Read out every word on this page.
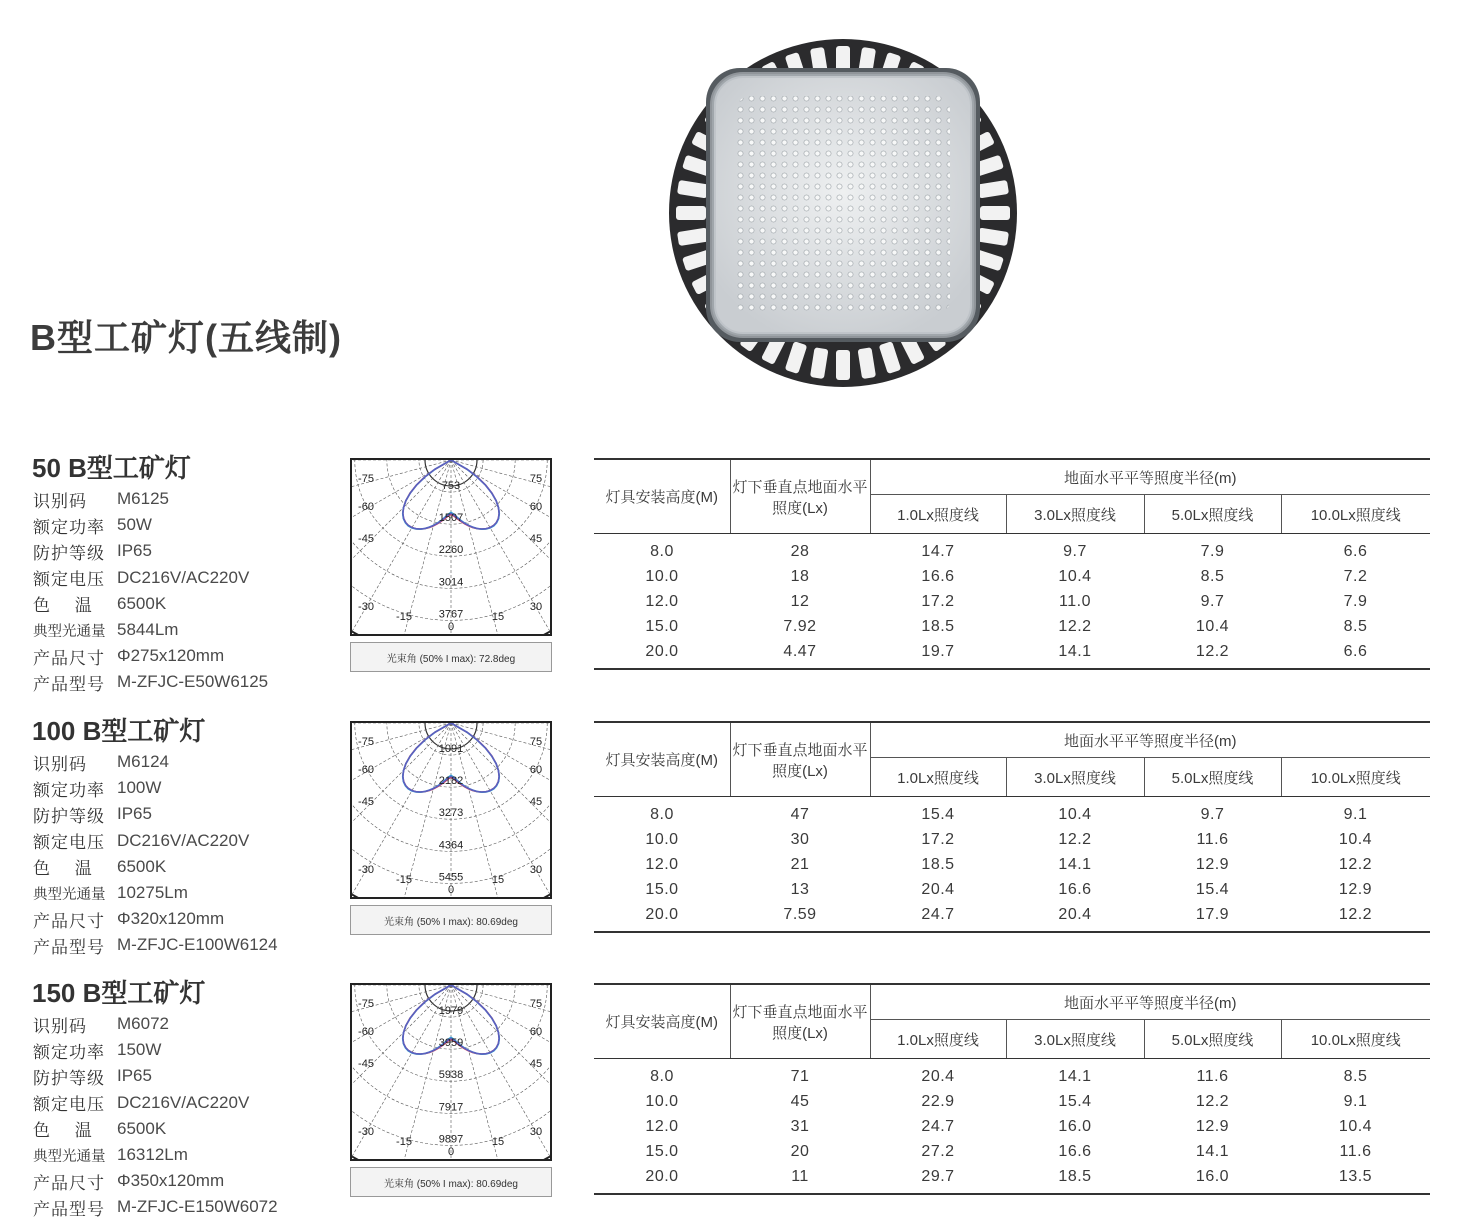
B型工矿灯(五线制)
50 B型工矿灯
识别码	M6125
额定功率 50W
防护等级 IP65
额定电压 DC216V/AC220V
色　 温	6500K
典型光通量 5844Lm
产品尺寸 Φ275x120mm
产品型号 M-ZFJC-E50W6125
753
1507
2260
3014
3767
75
60
45
30
15
0
-15
-30
-45
-60
-75
光束角 (50% I max): 72.8deg
灯具安装高度(M)	灯下垂直点地面水平照度(Lx)	地面水平平等照度半径(m)			
		1.0Lx照度线	3.0Lx照度线	5.0Lx照度线	10.0Lx照度线
8.0	28	14.7	9.7	7.9	6.6
10.0	18	16.6	10.4	8.5	7.2
12.0	12	17.2	11.0	9.7	7.9
15.0	7.92	18.5	12.2	10.4	8.5
20.0	4.47	19.7	14.1	12.2	6.6
100 B型工矿灯
识别码	M6124
额定功率 100W
防护等级 IP65
额定电压 DC216V/AC220V
色　 温	6500K
典型光通量 10275Lm
产品尺寸 Φ320x120mm
产品型号 M-ZFJC-E100W6124
1091
2182
3273
4364
5455
75
60
45
30
15
0
-15
-30
-45
-60
-75
光束角 (50% I max): 80.69deg
灯具安装高度(M)	灯下垂直点地面水平照度(Lx)	地面水平平等照度半径(m)			
		1.0Lx照度线	3.0Lx照度线	5.0Lx照度线	10.0Lx照度线
8.0	47	15.4	10.4	9.7	9.1
10.0	30	17.2	12.2	11.6	10.4
12.0	21	18.5	14.1	12.9	12.2
15.0	13	20.4	16.6	15.4	12.9
20.0	7.59	24.7	20.4	17.9	12.2
150 B型工矿灯
识别码	M6072
额定功率 150W
防护等级 IP65
额定电压 DC216V/AC220V
色　 温	6500K
典型光通量 16312Lm
产品尺寸 Φ350x120mm
产品型号 M-ZFJC-E150W6072
1979
3959
5938
7917
9897
75
60
45
30
15
0
-15
-30
-45
-60
-75
光束角 (50% I max): 80.69deg
灯具安装高度(M)	灯下垂直点地面水平照度(Lx)	地面水平平等照度半径(m)			
		1.0Lx照度线	3.0Lx照度线	5.0Lx照度线	10.0Lx照度线
8.0	71	20.4	14.1	11.6	8.5
10.0	45	22.9	15.4	12.2	9.1
12.0	31	24.7	16.0	12.9	10.4
15.0	20	27.2	16.6	14.1	11.6
20.0	11	29.7	18.5	16.0	13.5
